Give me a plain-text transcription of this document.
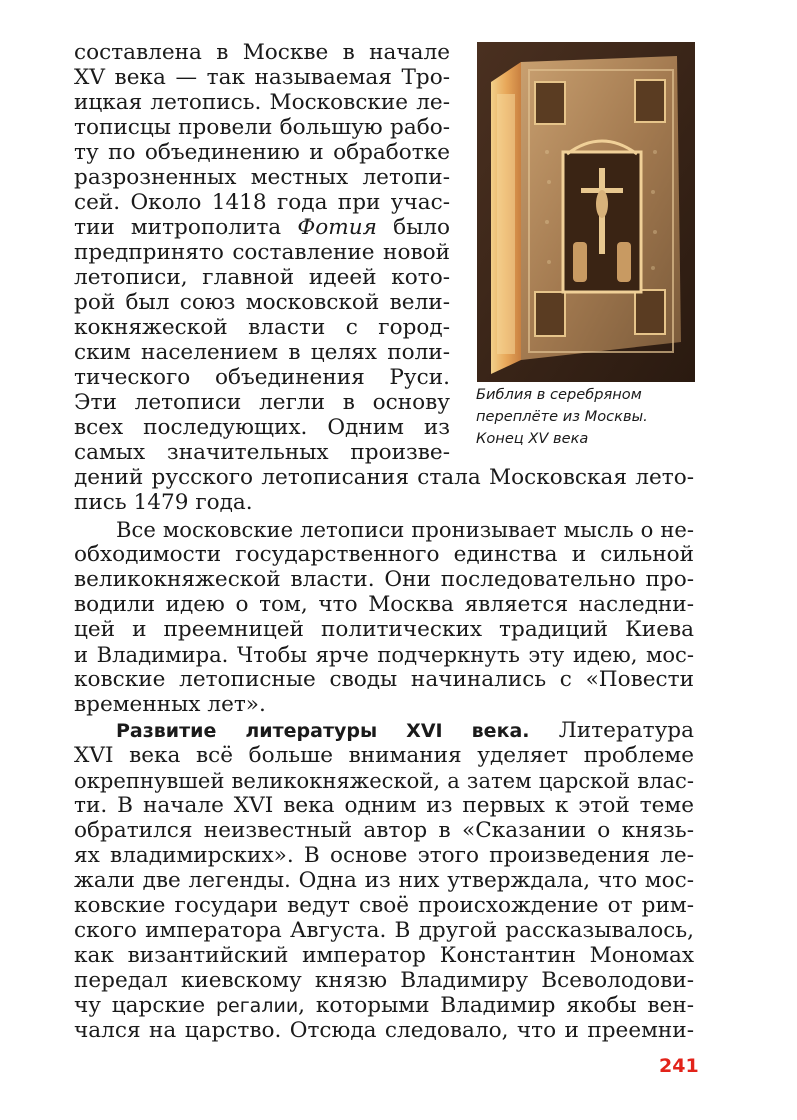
Библия в серебряном
переплёте из Москвы.
Конец XV века
составлена в Москве в начале
XV века — так называемая Тро-
ицкая летопись. Московские ле-
тописцы провели большую рабо-
ту по объединению и обработке
разрозненных местных летопи-
сей. Около 1418 года при учас-
тии митрополита Фотия было
предпринято составление новой
летописи, главной идеей кото-
рой был союз московской вели-
кокняжеской власти с город-
ским населением в целях поли-
тического объединения Руси.
Эти летописи легли в основу
всех последующих. Одним из
самых значительных произве-
дений русского летописания стала Московская лето-
пись 1479 года.
Все московские летописи пронизывает мысль о не-
обходимости государственного единства и сильной
великокняжеской власти. Они последовательно про-
водили идею о том, что Москва является наследни-
цей и преемницей политических традиций Киева
и Владимира. Чтобы ярче подчеркнуть эту идею, мос-
ковские летописные своды начинались с «Повести
временных лет».
Развитие литературы XVI века. Литература
XVI века всё больше внимания уделяет проблеме
окрепнувшей великокняжеской, а затем царской влас-
ти. В начале XVI века одним из первых к этой теме
обратился неизвестный автор в «Сказании о князь-
ях владимирских». В основе этого произведения ле-
жали две легенды. Одна из них утверждала, что мос-
ковские государи ведут своё происхождение от рим-
ского императора Августа. В другой рассказывалось,
как византийский император Константин Мономах
передал киевскому князю Владимиру Всеволодови-
чу царские регалии, которыми Владимир якобы вен-
чался на царство. Отсюда следовало, что и преемни-
241
